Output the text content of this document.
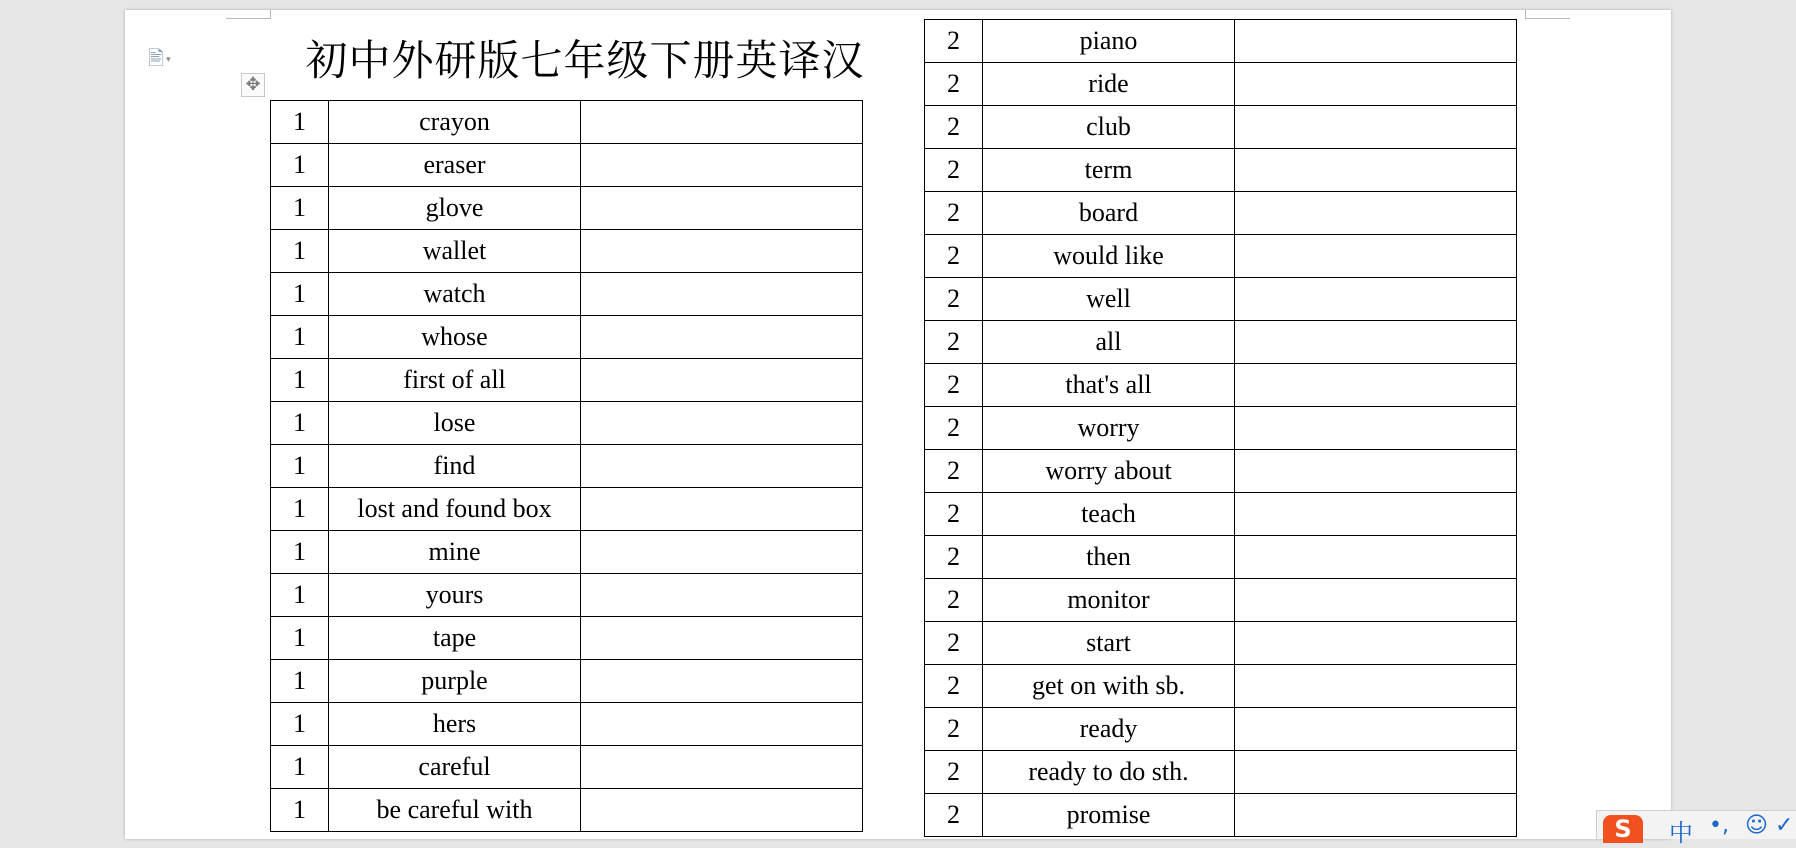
🖹 ▾
✥	初中外研版七年级下册英译汉
1	crayon	
1	eraser	
1	glove	
1	wallet	
1	watch	
1	whose	
1	first of all	
1	lose	
1	find	
1	lost and found box	
1	mine	
1	yours	
1	tape	
1	purple	
1	hers	
1	careful	
1	be careful with	
2	piano	
2	ride	
2	club	
2	term	
2	board	
2	would like	
2	well	
2	all	
2	that's all	
2	worry	
2	worry about	
2	teach	
2	then	
2	monitor	
2	start	
2	get on with sb.	
2	ready	
2	ready to do sth.	
2	promise		S	中 •, ☺ ✓
